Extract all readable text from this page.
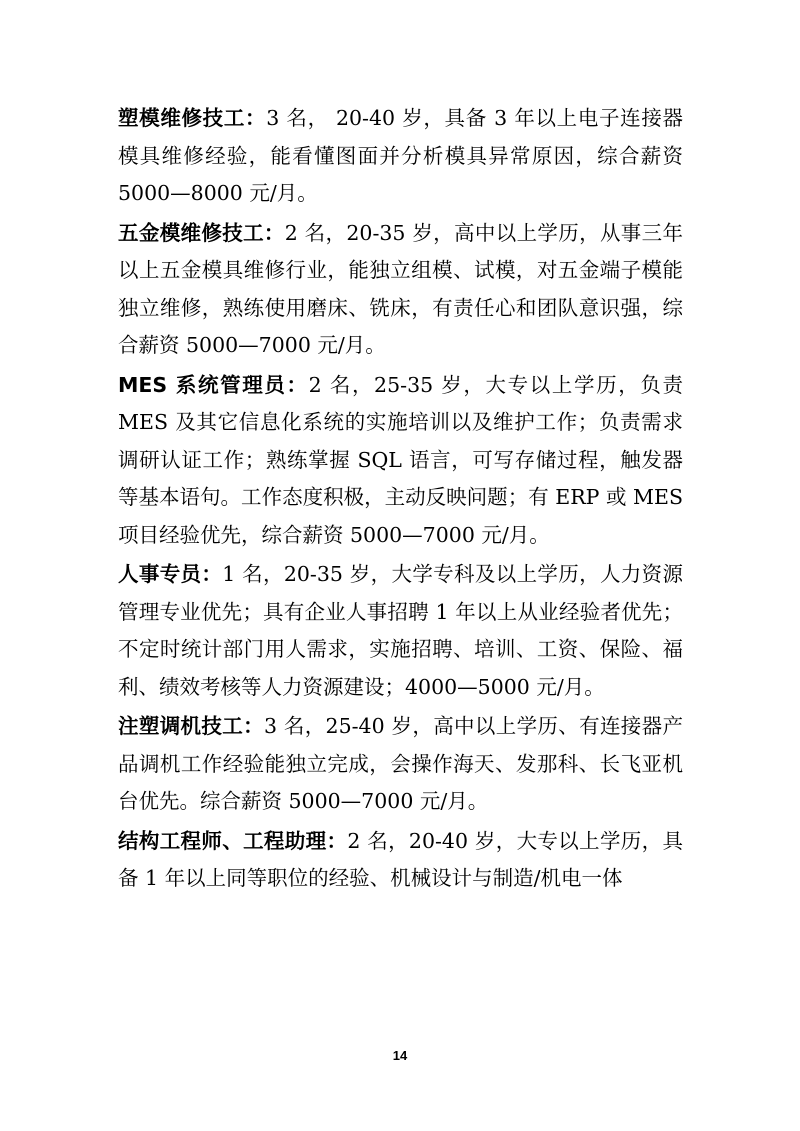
塑模维修技工：3 名， 20-40 岁，具备 3 年以上电子连接器模具维修经验，能看懂图面并分析模具异常原因，综合薪资 5000—8000 元/月。

五金模维修技工：2 名，20-35 岁，高中以上学历，从事三年以上五金模具维修行业，能独立组模、试模，对五金端子模能独立维修，熟练使用磨床、铣床，有责任心和团队意识强，综合薪资 5000—7000 元/月。

MES 系统管理员：2 名，25-35 岁，大专以上学历，负责 MES 及其它信息化系统的实施培训以及维护工作；负责需求调研认证工作；熟练掌握 SQL 语言，可写存储过程，触发器等基本语句。工作态度积极，主动反映问题；有 ERP 或 MES 项目经验优先，综合薪资 5000—7000 元/月。

人事专员：1 名，20-35 岁，大学专科及以上学历，人力资源管理专业优先；具有企业人事招聘 1 年以上从业经验者优先；不定时统计部门用人需求，实施招聘、培训、工资、保险、福利、绩效考核等人力资源建设；4000—5000 元/月。

注塑调机技工：3 名，25-40 岁，高中以上学历、有连接器产品调机工作经验能独立完成，会操作海天、发那科、长飞亚机台优先。综合薪资 5000—7000 元/月。

结构工程师、工程助理：2 名，20-40 岁，大专以上学历，具备 1 年以上同等职位的经验、机械设计与制造/机电一体

14
